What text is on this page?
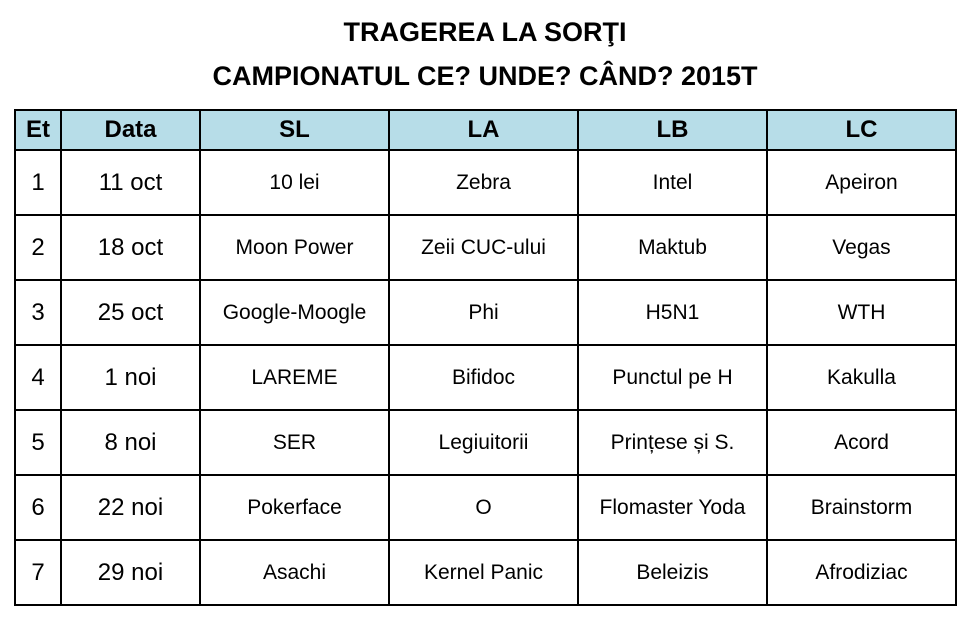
TRAGEREA LA SORŢI
CAMPIONATUL CE? UNDE? CÂND? 2015T
Et	Data	SL	LA	LB	LC
1	11 oct	10 lei	Zebra	Intel	Apeiron
2	18 oct	Moon Power	Zeii CUC-ului	Maktub	Vegas
3	25 oct	Google-Moogle	Phi	H5N1	WTH
4	1 noi	LAREME	Bifidoc	Punctul pe H	Kakulla
5	8 noi	SER	Legiuitorii	Prințese și S.	Acord
6	22 noi	Pokerface	O	Flomaster Yoda	Brainstorm
7	29 noi	Asachi	Kernel Panic	Beleizis	Afrodiziac
